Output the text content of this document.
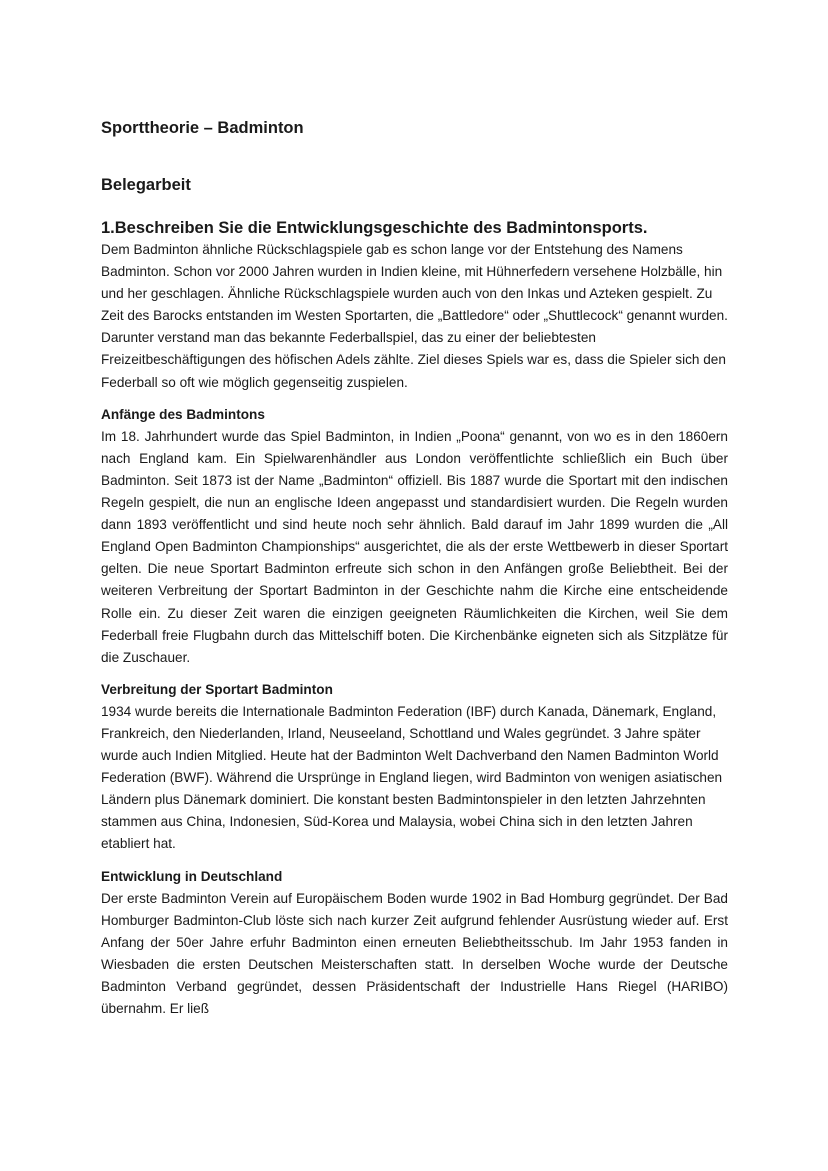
Sporttheorie – Badminton
Belegarbeit
1.Beschreiben Sie die Entwicklungsgeschichte des Badmintonsports.

Dem Badminton ähnliche Rückschlagspiele gab es schon lange vor der Entstehung des Namens Badminton. Schon vor 2000 Jahren wurden in Indien kleine, mit Hühnerfedern versehene Holzbälle, hin und her geschlagen. Ähnliche Rückschlagspiele wurden auch von den Inkas und Azteken gespielt. Zu Zeit des Barocks entstanden im Westen Sportarten, die „Battledore“ oder „Shuttlecock“ genannt wurden. Darunter verstand man das bekannte Federballspiel, das zu einer der beliebtesten Freizeitbeschäftigungen des höfischen Adels zählte. Ziel dieses Spiels war es, dass die Spieler sich den Federball so oft wie möglich gegenseitig zuspielen.

Anfänge des Badmintons

Im 18. Jahrhundert wurde das Spiel Badminton, in Indien „Poona“ genannt, von wo es in den 1860ern nach England kam. Ein Spielwarenhändler aus London veröffentlichte schließlich ein Buch über Badminton. Seit 1873 ist der Name „Badminton“ offiziell. Bis 1887 wurde die Sportart mit den indischen Regeln gespielt, die nun an englische Ideen angepasst und standardisiert wurden. Die Regeln wurden dann 1893 veröffentlicht und sind heute noch sehr ähnlich. Bald darauf im Jahr 1899 wurden die „All England Open Badminton Championships“ ausgerichtet, die als der erste Wettbewerb in dieser Sportart gelten. Die neue Sportart Badminton erfreute sich schon in den Anfängen große Beliebtheit. Bei der weiteren Verbreitung der Sportart Badminton in der Geschichte nahm die Kirche eine entscheidende Rolle ein. Zu dieser Zeit waren die einzigen geeigneten Räumlichkeiten die Kirchen, weil Sie dem Federball freie Flugbahn durch das Mittelschiff boten. Die Kirchenbänke eigneten sich als Sitzplätze für die Zuschauer.

Verbreitung der Sportart Badminton

1934 wurde bereits die Internationale Badminton Federation (IBF) durch Kanada, Dänemark, England, Frankreich, den Niederlanden, Irland, Neuseeland, Schottland und Wales gegründet. 3 Jahre später wurde auch Indien Mitglied. Heute hat der Badminton Welt Dachverband den Namen Badminton World Federation (BWF). Während die Ursprünge in England liegen, wird Badminton von wenigen asiatischen Ländern plus Dänemark dominiert. Die konstant besten Badmintonspieler in den letzten Jahrzehnten stammen aus China, Indonesien, Süd-Korea und Malaysia, wobei China sich in den letzten Jahren etabliert hat.

Entwicklung in Deutschland

Der erste Badminton Verein auf Europäischem Boden wurde 1902 in Bad Homburg gegründet. Der Bad Homburger Badminton-Club löste sich nach kurzer Zeit aufgrund fehlender Ausrüstung wieder auf. Erst Anfang der 50er Jahre erfuhr Badminton einen erneuten Beliebtheitsschub. Im Jahr 1953 fanden in Wiesbaden die ersten Deutschen Meisterschaften statt. In derselben Woche wurde der Deutsche Badminton Verband gegründet, dessen Präsidentschaft der Industrielle Hans Riegel (HARIBO) übernahm. Er ließ
